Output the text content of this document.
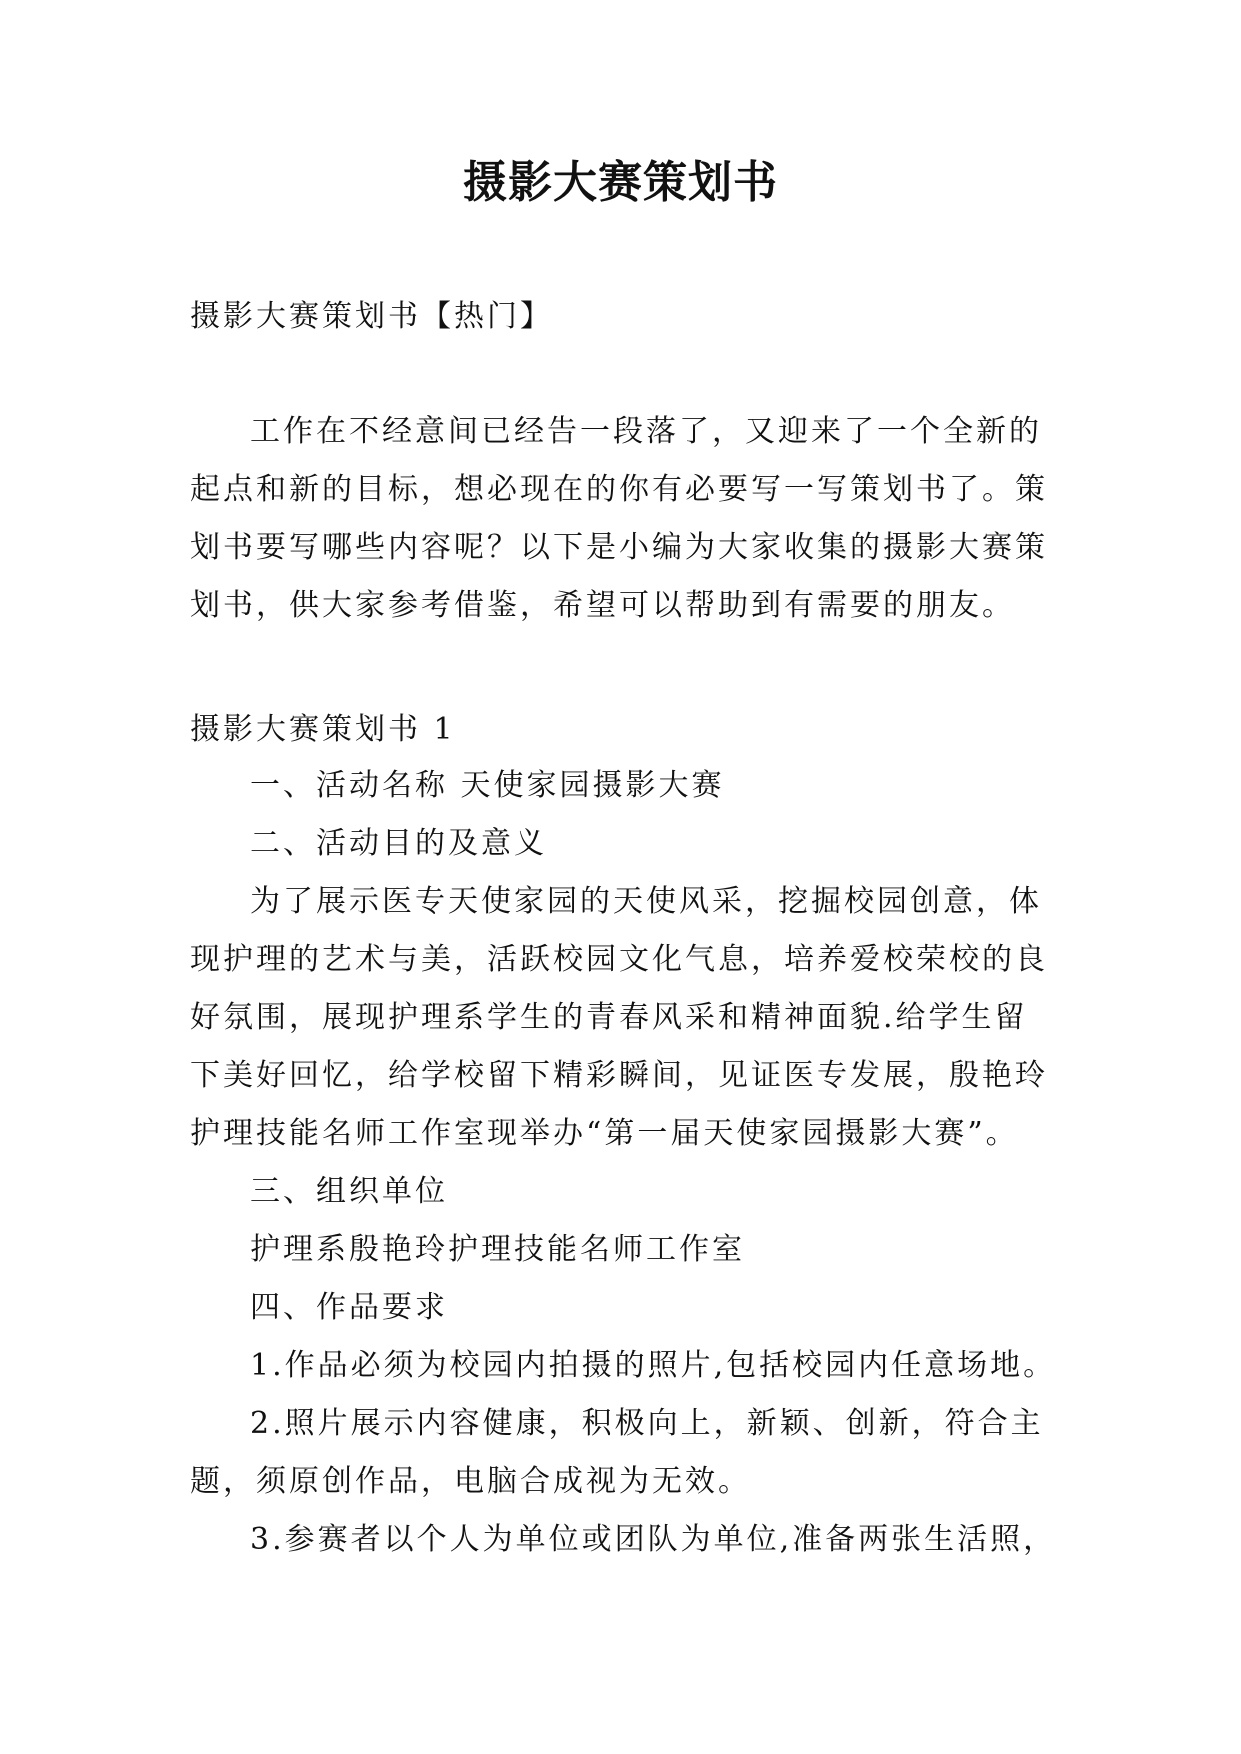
摄影大赛策划书
摄影大赛策划书【热门】
工作在不经意间已经告一段落了，又迎来了一个全新的起点和新的目标，想必现在的你有必要写一写策划书了。策划书要写哪些内容呢？以下是小编为大家收集的摄影大赛策划书，供大家参考借鉴，希望可以帮助到有需要的朋友。
摄影大赛策划书 1

一、活动名称 天使家园摄影大赛

二、活动目的及意义

为了展示医专天使家园的天使风采，挖掘校园创意，体现护理的艺术与美，活跃校园文化气息，培养爱校荣校的良好氛围，展现护理系学生的青春风采和精神面貌.给学生留下美好回忆，给学校留下精彩瞬间，见证医专发展，殷艳玲护理技能名师工作室现举办“第一届天使家园摄影大赛”。

三、组织单位

护理系殷艳玲护理技能名师工作室

四、作品要求

1.作品必须为校园内拍摄的照片,包括校园内任意场地。

2.照片展示内容健康，积极向上，新颖、创新，符合主题，须原创作品，电脑合成视为无效。

3.参赛者以个人为单位或团队为单位,准备两张生活照，
